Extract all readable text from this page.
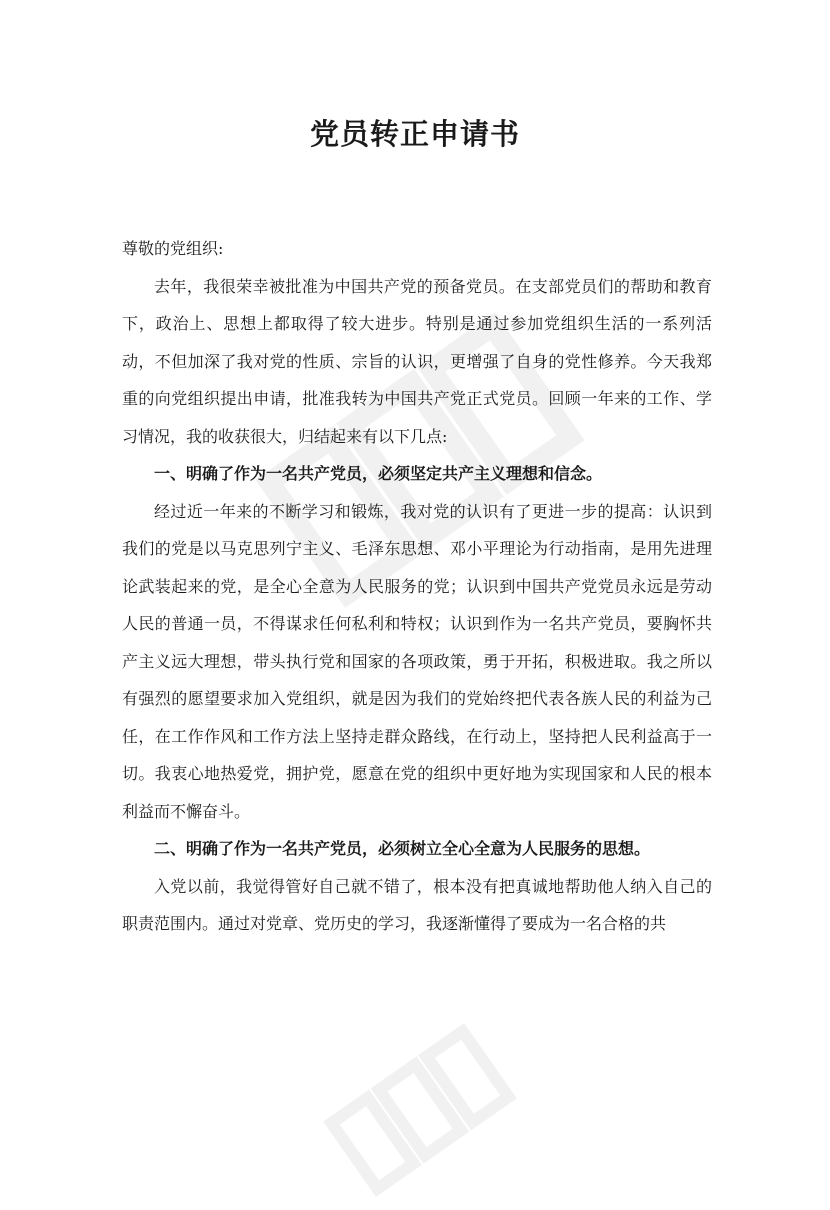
党员转正申请书

尊敬的党组织:

去年，我很荣幸被批准为中国共产党的预备党员。在支部党员们的帮助和教育下，政治上、思想上都取得了较大进步。特别是通过参加党组织生活的一系列活动，不但加深了我对党的性质、宗旨的认识，更增强了自身的党性修养。今天我郑重的向党组织提出申请，批准我转为中国共产党正式党员。回顾一年来的工作、学习情况，我的收获很大，归结起来有以下几点:

一、明确了作为一名共产党员，必须坚定共产主义理想和信念。

经过近一年来的不断学习和锻炼，我对党的认识有了更进一步的提高：认识到我们的党是以马克思列宁主义、毛泽东思想、邓小平理论为行动指南，是用先进理论武装起来的党，是全心全意为人民服务的党；认识到中国共产党党员永远是劳动人民的普通一员，不得谋求任何私利和特权；认识到作为一名共产党员，要胸怀共产主义远大理想，带头执行党和国家的各项政策，勇于开拓，积极进取。我之所以有强烈的愿望要求加入党组织，就是因为我们的党始终把代表各族人民的利益为己任，在工作作风和工作方法上坚持走群众路线，在行动上，坚持把人民利益高于一切。我衷心地热爱党，拥护党，愿意在党的组织中更好地为实现国家和人民的根本利益而不懈奋斗。

二、明确了作为一名共产党员，必须树立全心全意为人民服务的思想。

入党以前，我觉得管好自己就不错了，根本没有把真诚地帮助他人纳入自己的职责范围内。通过对党章、党历史的学习，我逐渐懂得了要成为一名合格的共
